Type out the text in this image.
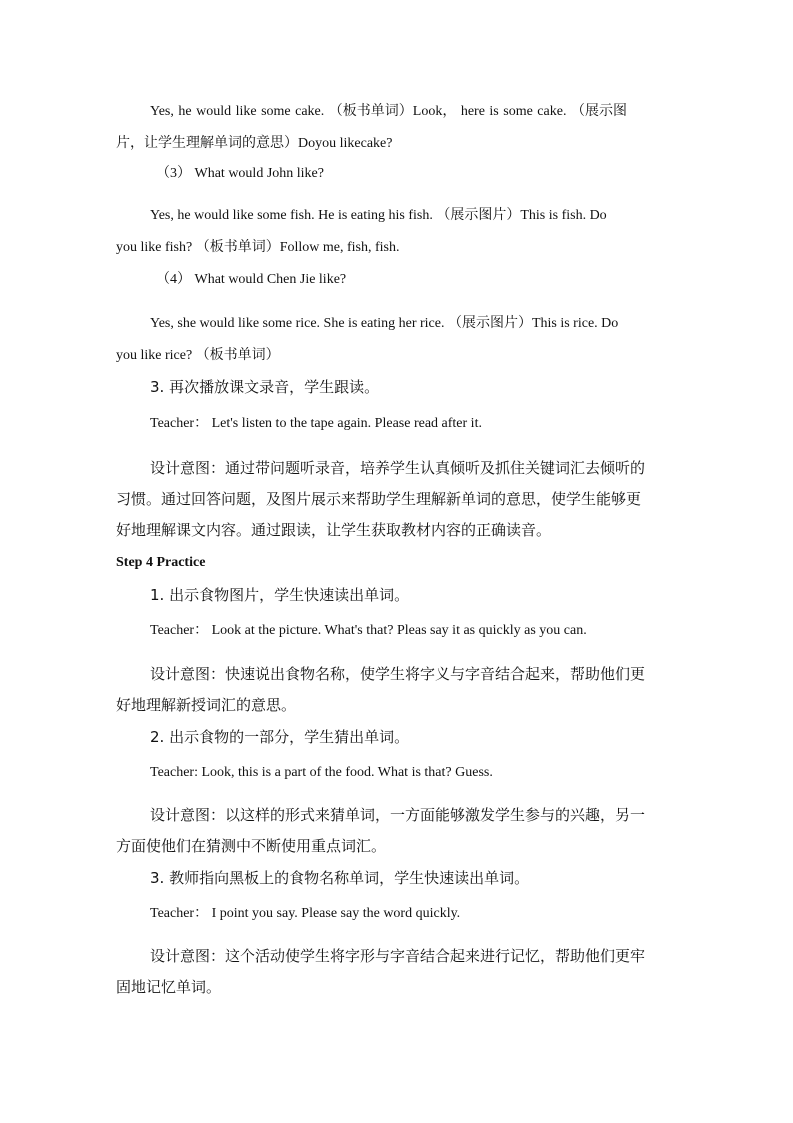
Yes, he would like some cake. （板书单词）Look， here is some cake. （展示图
片，让学生理解单词的意思）Doyou likecake?
（3） What would John like?
Yes, he would like some fish. He is eating his fish. （展示图片）This is fish. Do
you like fish? （板书单词）Follow me, fish, fish.
（4） What would Chen Jie like?
Yes, she would like some rice. She is eating her rice. （展示图片）This is rice. Do
you like rice? （板书单词）
3. 再次播放课文录音，学生跟读。
Teacher： Let's listen to the tape again. Please read after it.
设计意图：通过带问题听录音，培养学生认真倾听及抓住关键词汇去倾听的
习惯。通过回答问题，及图片展示来帮助学生理解新单词的意思，使学生能够更
好地理解课文内容。通过跟读，让学生获取教材内容的正确读音。
Step 4 Practice
1. 出示食物图片，学生快速读出单词。
Teacher： Look at the picture. What's that? Pleas say it as quickly as you can.
设计意图：快速说出食物名称，使学生将字义与字音结合起来，帮助他们更
好地理解新授词汇的意思。
2. 出示食物的一部分，学生猜出单词。
Teacher: Look, this is a part of the food. What is that? Guess.
设计意图：以这样的形式来猜单词，一方面能够激发学生参与的兴趣，另一
方面使他们在猜测中不断使用重点词汇。
3. 教师指向黑板上的食物名称单词，学生快速读出单词。
Teacher： I point you say. Please say the word quickly.
设计意图：这个活动使学生将字形与字音结合起来进行记忆，帮助他们更牢
固地记忆单词。
